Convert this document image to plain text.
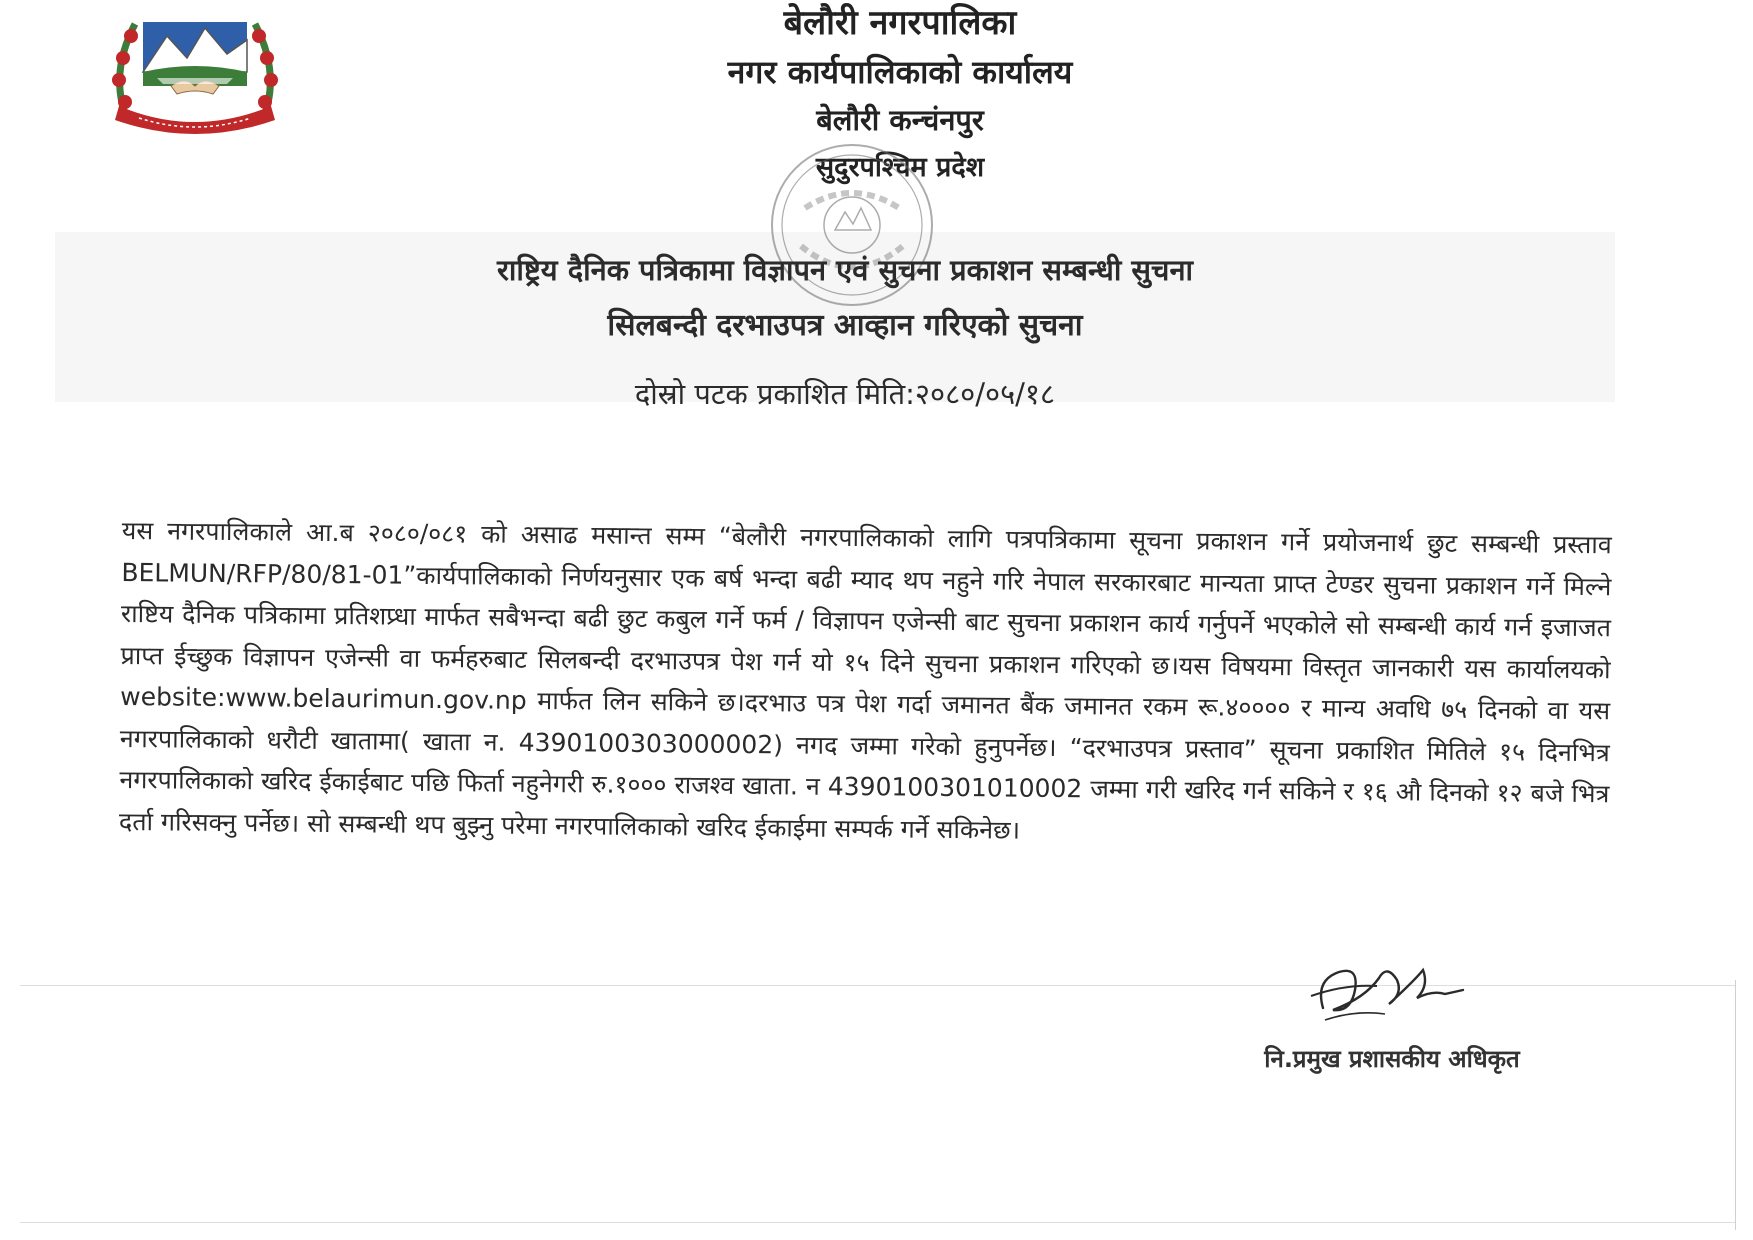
बेलौरी नगरपालिका
नगर कार्यपालिकाको कार्यालय
बेलौरी कन्चंनपुर
सुदुरपश्चिम प्रदेश
राष्ट्रिय दैनिक पत्रिकामा विज्ञापन एवं सुचना प्रकाशन सम्बन्धी सुचना
सिलबन्दी दरभाउपत्र आव्हान गरिएको सुचना
दोस्रो पटक प्रकाशित मिति:२०८०/०५/१८
यस नगरपालिकाले आ.ब २०८०/०८१ को असाढ मसान्त सम्म “बेलौरी नगरपालिकाको लागि पत्रपत्रिकामा सूचना प्रकाशन गर्ने प्रयोजनार्थ छुट सम्बन्धी प्रस्ताव BELMUN/RFP/80/81-01”कार्यपालिकाको निर्णयनुसार एक बर्ष भन्दा बढी म्याद थप नहुने गरि नेपाल सरकारबाट मान्यता प्राप्त टेण्डर सुचना प्रकाशन गर्ने मिल्ने राष्टिय दैनिक पत्रिकामा प्रतिशप्र्धा मार्फत सबैभन्दा बढी छुट कबुल गर्ने फर्म / विज्ञापन एजेन्सी बाट सुचना प्रकाशन कार्य गर्नुपर्ने भएकोले सो सम्बन्धी कार्य गर्न इजाजत प्राप्त ईच्छुक विज्ञापन एजेन्सी वा फर्महरुबाट सिलबन्दी दरभाउपत्र पेश गर्न यो १५ दिने सुचना प्रकाशन गरिएको छ।यस विषयमा विस्तृत जानकारी यस कार्यालयको website:www.belaurimun.gov.np मार्फत लिन सकिने छ।दरभाउ पत्र पेश गर्दा जमानत बैंक जमानत रकम रू.४०००० र मान्य अवधि ७५ दिनको वा यस नगरपालिकाको धरौटी खातामा( खाता न. 4390100303000002) नगद जम्मा गरेको हुनुपर्नेछ। “दरभाउपत्र प्रस्ताव” सूचना प्रकाशित मितिले १५ दिनभित्र नगरपालिकाको खरिद ईकाईबाट पछि फिर्ता नहुनेगरी रु.१००० राजश्व खाता. न 4390100301010002 जम्मा गरी खरिद गर्न सकिने र १६ औ दिनको १२ बजे भित्र दर्ता गरिसक्नु पर्नेछ। सो सम्बन्धी थप बुझ्नु परेमा नगरपालिकाको खरिद ईकाईमा सम्पर्क गर्ने सकिनेछ।
नि.प्रमुख प्रशासकीय अधिकृत
